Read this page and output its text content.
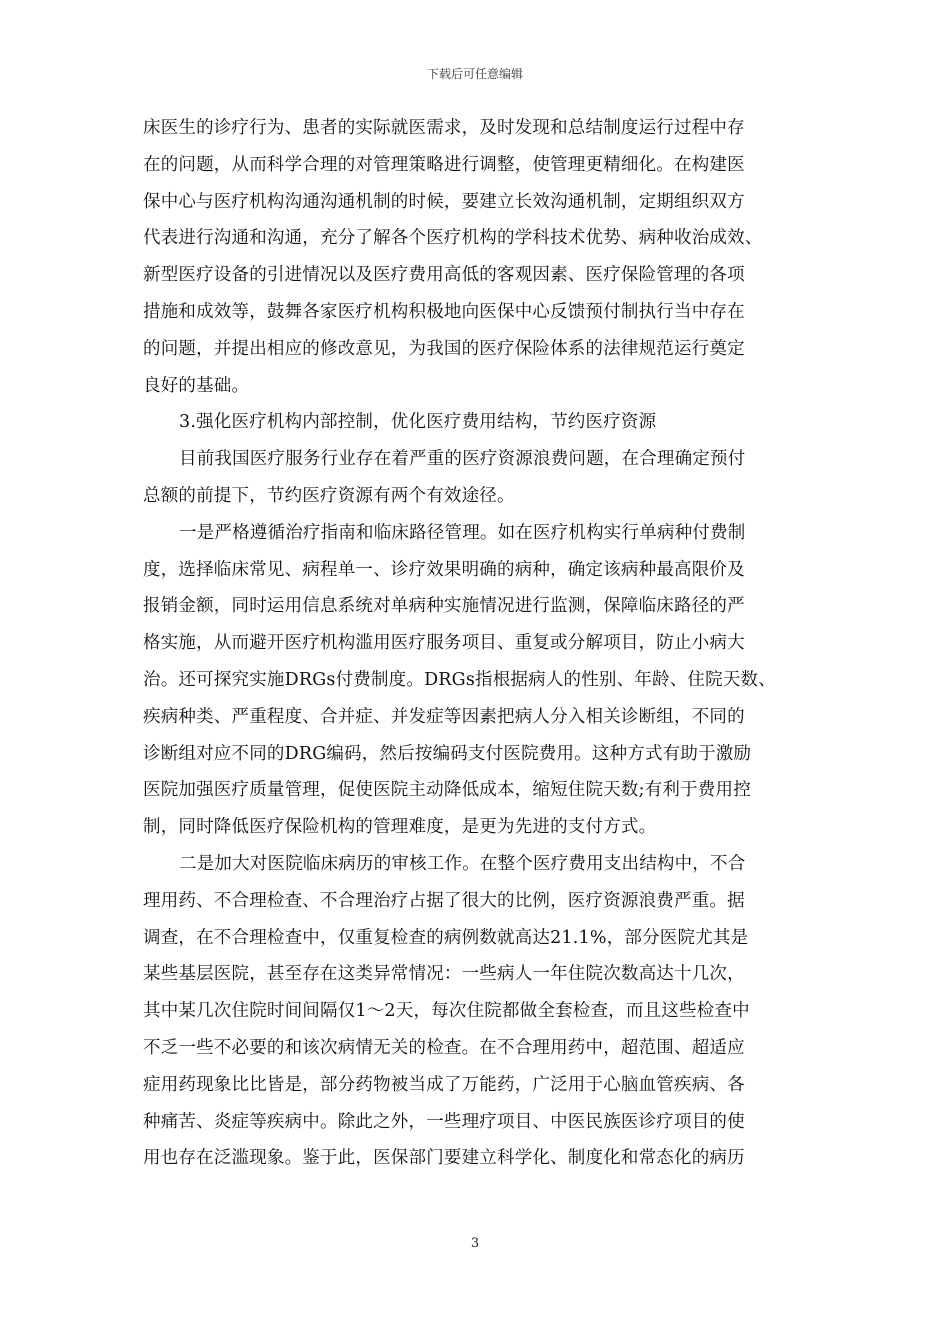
下载后可任意编辑
床医生的诊疗行为、患者的实际就医需求，及时发现和总结制度运行过程中存
在的问题，从而科学合理的对管理策略进行调整，使管理更精细化。在构建医
保中心与医疗机构沟通沟通机制的时候，要建立长效沟通机制，定期组织双方
代表进行沟通和沟通，充分了解各个医疗机构的学科技术优势、病种收治成效、
新型医疗设备的引进情况以及医疗费用高低的客观因素、医疗保险管理的各项
措施和成效等，鼓舞各家医疗机构积极地向医保中心反馈预付制执行当中存在
的问题，并提出相应的修改意见，为我国的医疗保险体系的法律规范运行奠定
良好的基础。
3.强化医疗机构内部控制，优化医疗费用结构，节约医疗资源
目前我国医疗服务行业存在着严重的医疗资源浪费问题，在合理确定预付
总额的前提下，节约医疗资源有两个有效途径。
一是严格遵循治疗指南和临床路径管理。如在医疗机构实行单病种付费制
度，选择临床常见、病程单一、诊疗效果明确的病种，确定该病种最高限价及
报销金额，同时运用信息系统对单病种实施情况进行监测，保障临床路径的严
格实施，从而避开医疗机构滥用医疗服务项目、重复或分解项目，防止小病大
治。还可探究实施DRGs付费制度。DRGs指根据病人的性别、年龄、住院天数、
疾病种类、严重程度、合并症、并发症等因素把病人分入相关诊断组，不同的
诊断组对应不同的DRG编码，然后按编码支付医院费用。这种方式有助于激励
医院加强医疗质量管理，促使医院主动降低成本，缩短住院天数;有利于费用控
制，同时降低医疗保险机构的管理难度，是更为先进的支付方式。
二是加大对医院临床病历的审核工作。在整个医疗费用支出结构中，不合
理用药、不合理检查、不合理治疗占据了很大的比例，医疗资源浪费严重。据
调查，在不合理检查中，仅重复检查的病例数就高达21.1%，部分医院尤其是
某些基层医院，甚至存在这类异常情况：一些病人一年住院次数高达十几次，
其中某几次住院时间间隔仅1～2天，每次住院都做全套检查，而且这些检查中
不乏一些不必要的和该次病情无关的检查。在不合理用药中，超范围、超适应
症用药现象比比皆是，部分药物被当成了万能药，广泛用于心脑血管疾病、各
种痛苦、炎症等疾病中。除此之外，一些理疗项目、中医民族医诊疗项目的使
用也存在泛滥现象。鉴于此，医保部门要建立科学化、制度化和常态化的病历
3
